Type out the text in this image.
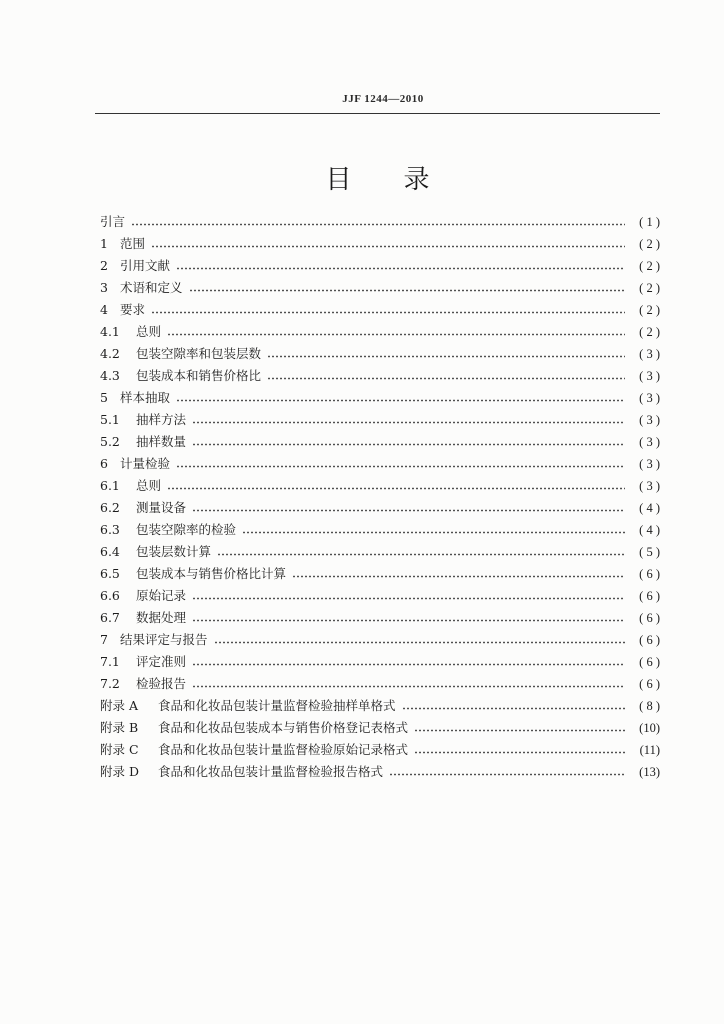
JJF 1244—2010
目　　录
引言	( 1 )
1 范围	( 2 )
2 引用文献	( 2 )
3 术语和定义	( 2 )
4 要求	( 2 )
4.1	总则	( 2 )
4.2	包装空隙率和包装层数	( 3 )
4.3	包装成本和销售价格比	( 3 )
5 样本抽取	( 3 )
5.1	抽样方法	( 3 )
5.2	抽样数量	( 3 )
6 计量检验	( 3 )
6.1	总则	( 3 )
6.2	测量设备	( 4 )
6.3	包装空隙率的检验	( 4 )
6.4	包装层数计算	( 5 )
6.5	包装成本与销售价格比计算	( 6 )
6.6	原始记录	( 6 )
6.7	数据处理	( 6 )
7 结果评定与报告	( 6 )
7.1	评定准则	( 6 )
7.2	检验报告	( 6 )
附录 A	食品和化妆品包装计量监督检验抽样单格式	( 8 )
附录 B	食品和化妆品包装成本与销售价格登记表格式	(10)
附录 C	食品和化妆品包装计量监督检验原始记录格式	(11)
附录 D	食品和化妆品包装计量监督检验报告格式	(13)
